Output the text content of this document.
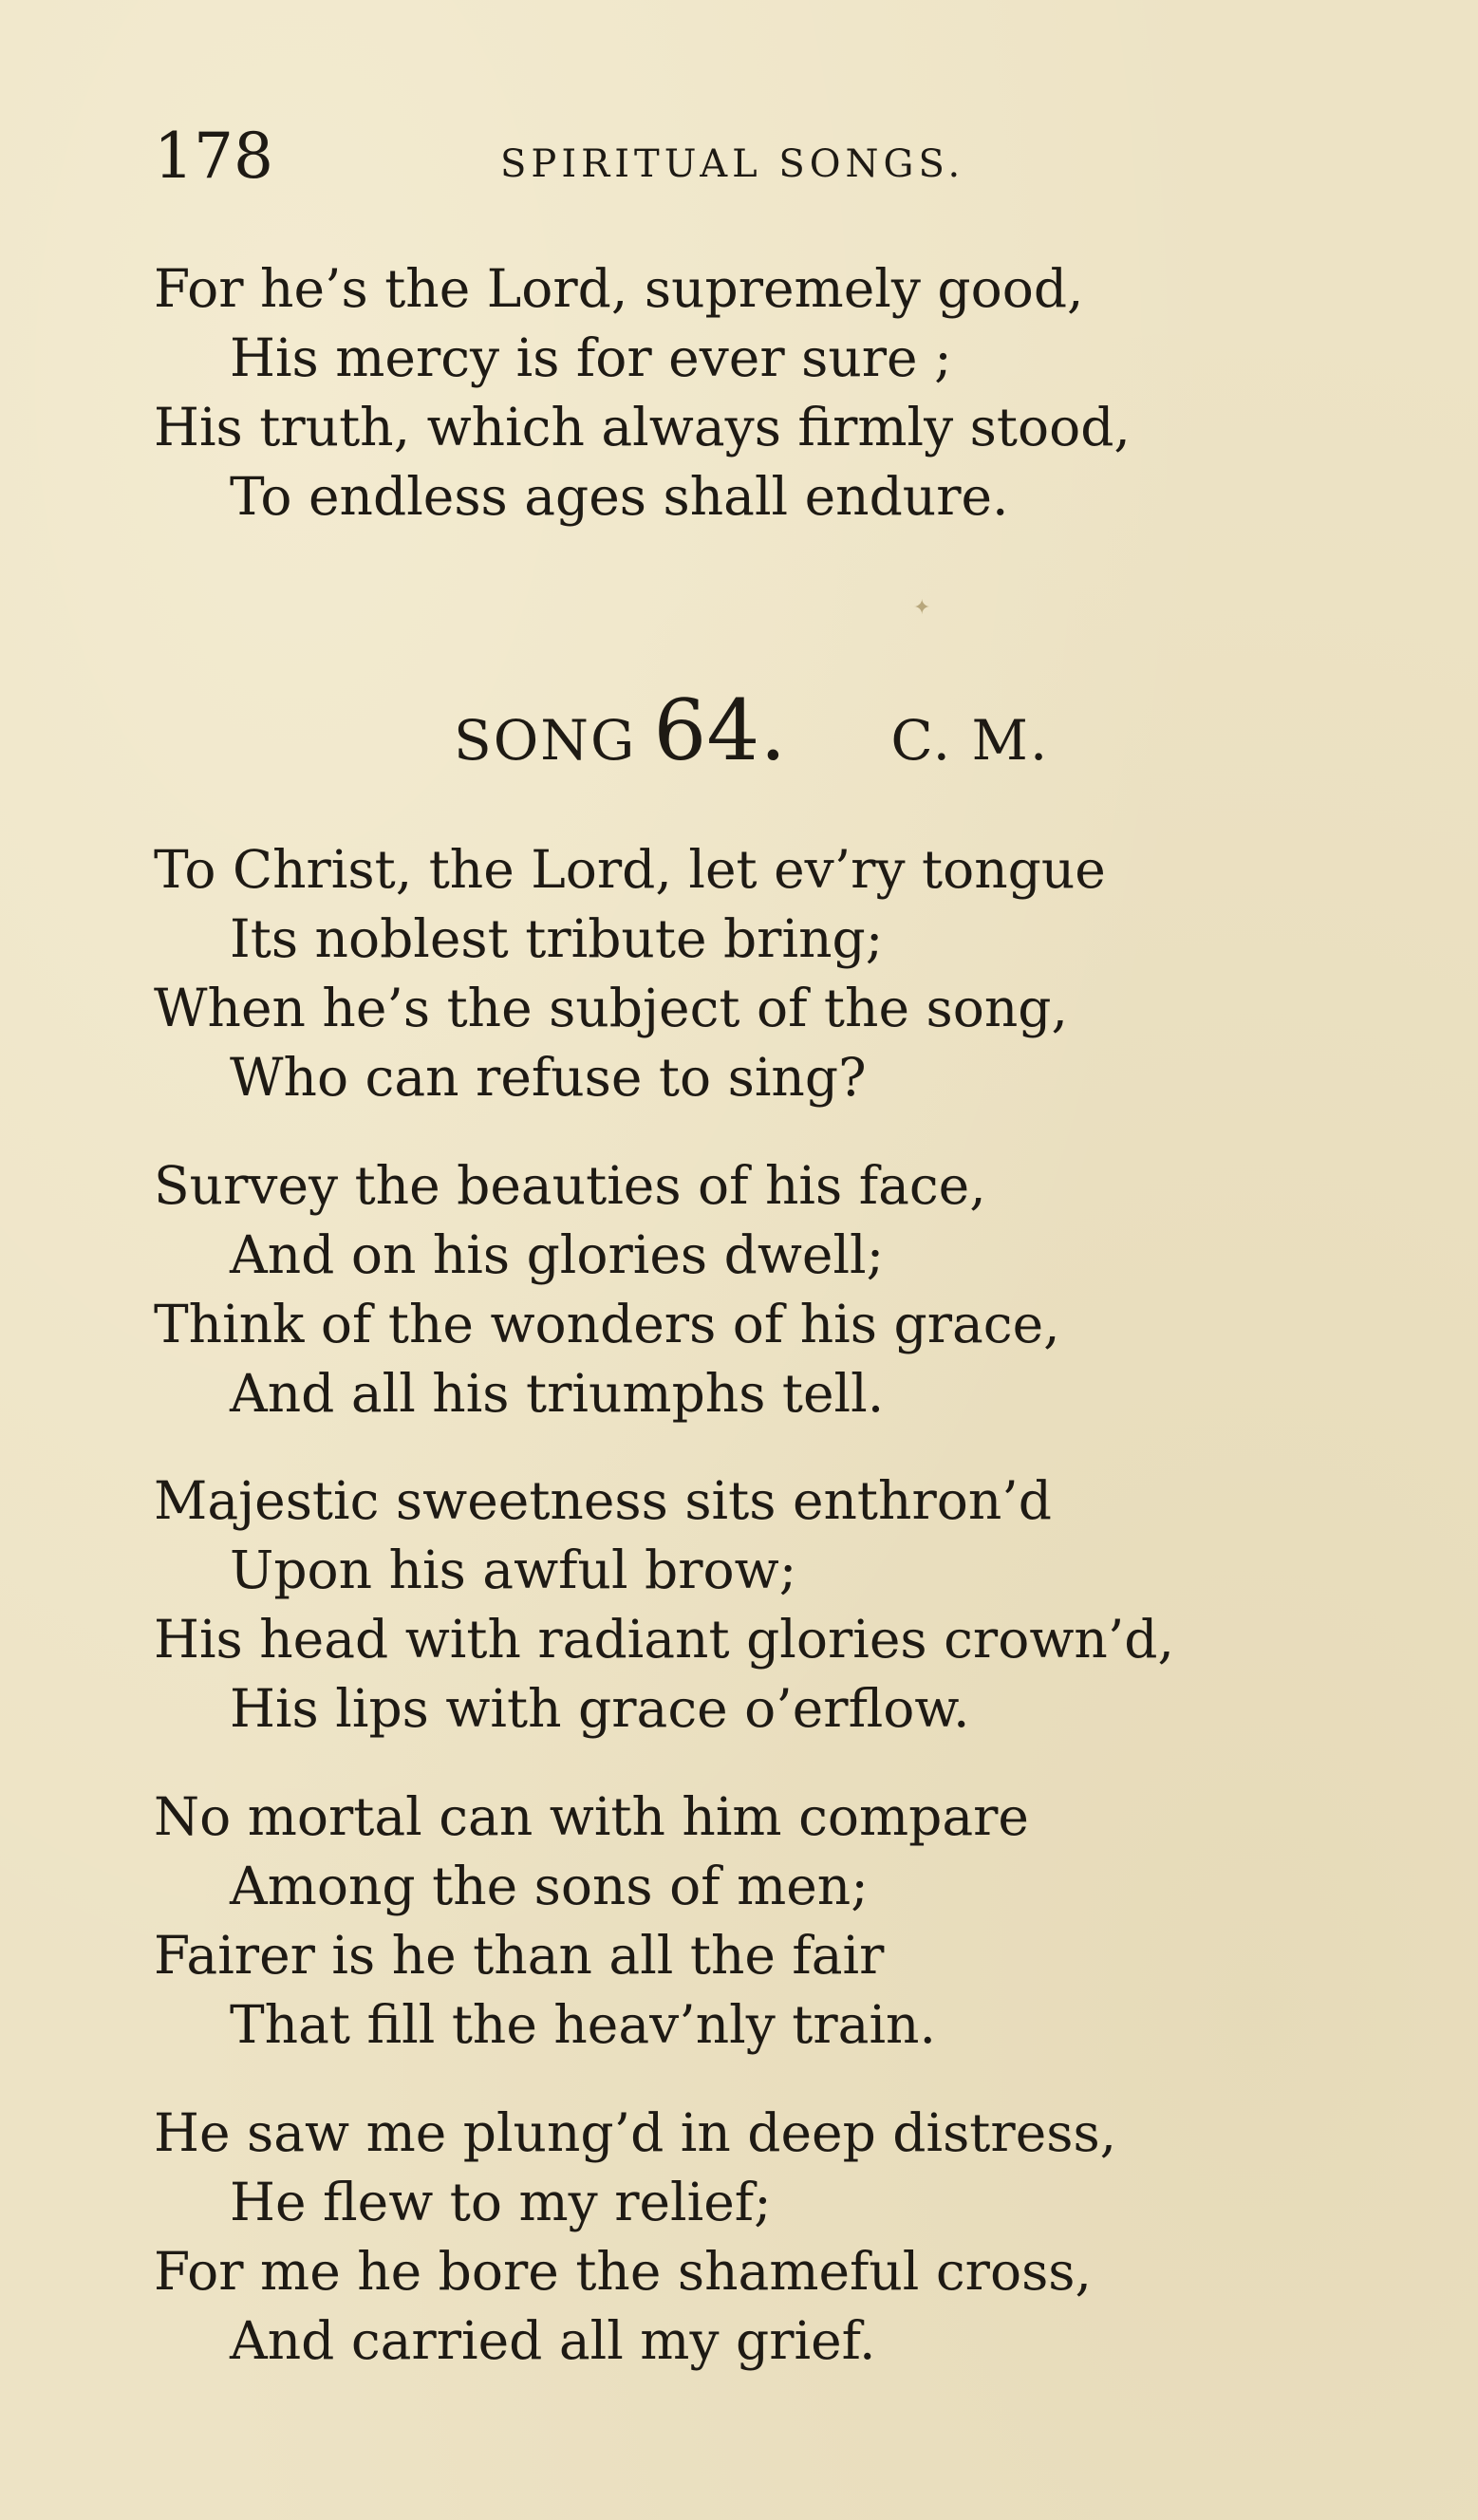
178	SPIRITUAL SONGS.
For he’s the Lord, supremely good,
His mercy is for ever sure ;
His truth, which always firmly stood,
To endless ages shall endure.
✦
SONG 64. C. M.
To Christ, the Lord, let ev’ry tongue
Its noblest tribute bring;
When he’s the subject of the song,
Who can refuse to sing?
Survey the beauties of his face,
And on his glories dwell;
Think of the wonders of his grace,
And all his triumphs tell.
Majestic sweetness sits enthron’d
Upon his awful brow;
His head with radiant glories crown’d,
His lips with grace o’erflow.
No mortal can with him compare
Among the sons of men;
Fairer is he than all the fair
That fill the heav’nly train.
He saw me plung’d in deep distress,
He flew to my relief;
For me he bore the shameful cross,
And carried all my grief.
